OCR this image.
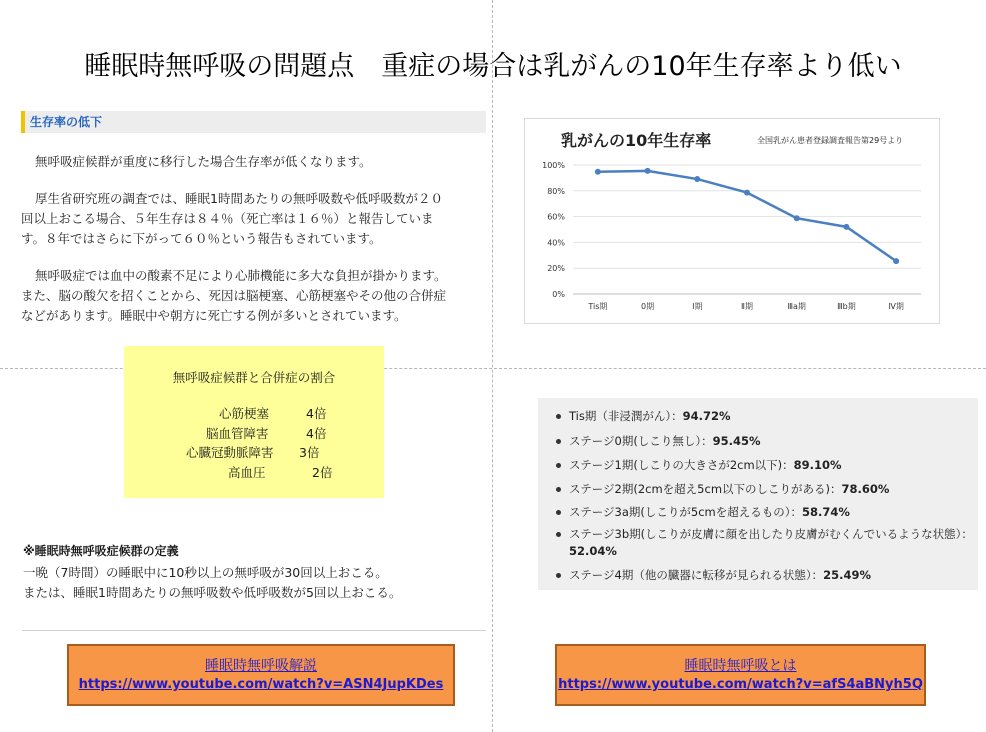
睡眠時無呼吸の問題点　重症の場合は乳がんの10年生存率より低い
生存率の低下
無呼吸症候群が重度に移行した場合生存率が低くなります。
厚生省研究班の調査では、睡眠1時間あたりの無呼吸数や低呼吸数が２０
回以上おこる場合、５年生存は８４％（死亡率は１６％）と報告していま
す。８年ではさらに下がって６０％という報告もされています。
無呼吸症では血中の酸素不足により心肺機能に多大な負担が掛かります。
また、脳の酸欠を招くことから、死因は脳梗塞、心筋梗塞やその他の合併症
などがあります。睡眠中や朝方に死亡する例が多いとされています。
無呼吸症候群と合併症の割合
心筋梗塞	4倍
脳血管障害	4倍
心臓冠動脈障害 3倍
高血圧	2倍
※睡眠時無呼吸症候群の定義
一晩（7時間）の睡眠中に10秒以上の無呼吸が30回以上おこる。
または、睡眠1時間あたりの無呼吸数や低呼吸数が5回以上おこる。
睡眠時無呼吸解説
https://www.youtube.com/watch?v=ASN4JupKDes
乳がんの10年生存率	全国乳がん患者登録調査報告第29号より
0%
20%
40%
60%
80%
100%
Tis期	0期	Ⅰ期	Ⅱ期	Ⅲa期	Ⅲb期	Ⅳ期
Tis期（非浸潤がん）：94.72%
ステージ0期(しこり無し）：95.45%
ステージ1期(しこりの大きさが2cm以下)：89.10%
ステージ2期(2cmを超え5cm以下のしこりがある)：78.60%
ステージ3a期(しこりが5cmを超えるもの）：58.74%
ステージ3b期(しこりが皮膚に顔を出したり皮膚がむくんでいるような状態）：52.04%
ステージ4期（他の臓器に転移が見られる状態）：25.49%
睡眠時無呼吸とは
https://www.youtube.com/watch?v=afS4aBNyh5Q
